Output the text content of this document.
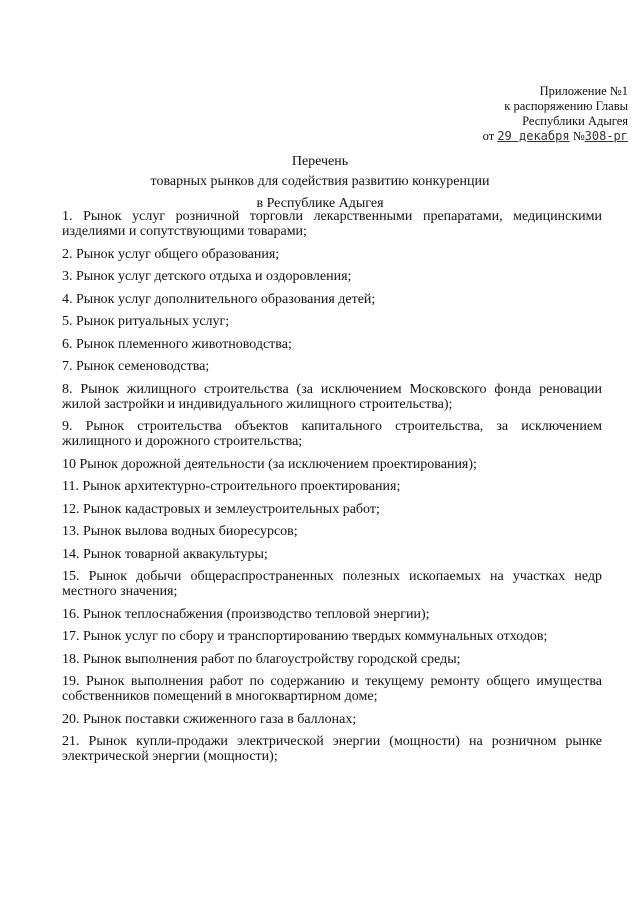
Приложение №1
к распоряжению Главы
Республики Адыгея
от 29 декабря №308-рг
Перечень
товарных рынков для содействия развитию конкуренции
в Республике Адыгея
1. Рынок услуг розничной торговли лекарственными препаратами, медицинскими изделиями и сопутствующими товарами;
2. Рынок услуг общего образования;
3. Рынок услуг детского отдыха и оздоровления;
4. Рынок услуг дополнительного образования детей;
5. Рынок ритуальных услуг;
6. Рынок племенного животноводства;
7. Рынок семеноводства;
8. Рынок жилищного строительства (за исключением Московского фонда реновации жилой застройки и индивидуального жилищного строительства);
9. Рынок строительства объектов капитального строительства, за исключением жилищного и дорожного строительства;
10 Рынок дорожной деятельности (за исключением проектирования);
11. Рынок архитектурно-строительного проектирования;
12. Рынок кадастровых и землеустроительных работ;
13. Рынок вылова водных биоресурсов;
14. Рынок товарной аквакультуры;
15. Рынок добычи общераспространенных полезных ископаемых на участках недр местного значения;
16. Рынок теплоснабжения (производство тепловой энергии);
17. Рынок услуг по сбору и транспортированию твердых коммунальных отходов;
18. Рынок выполнения работ по благоустройству городской среды;
19. Рынок выполнения работ по содержанию и текущему ремонту общего имущества собственников помещений в многоквартирном доме;
20. Рынок поставки сжиженного газа в баллонах;
21. Рынок купли-продажи электрической энергии (мощности) на розничном рынке электрической энергии (мощности);
